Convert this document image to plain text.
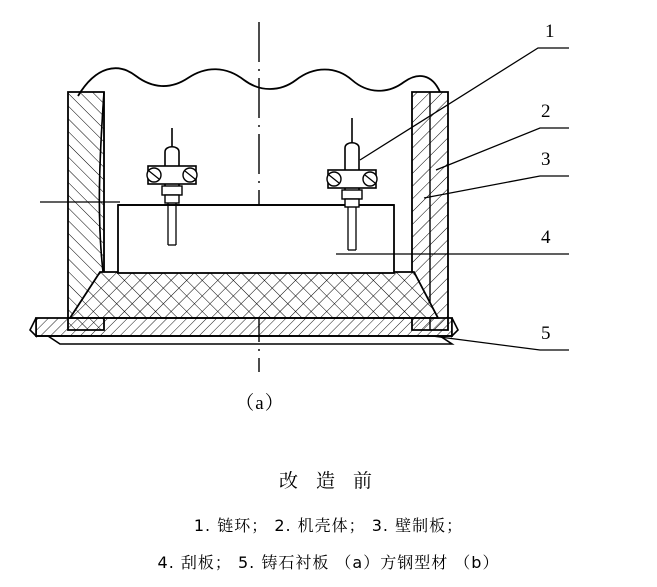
1
2
3
4
5
（a）
改 造 前
1. 链环； 2. 机壳体； 3. 壁制板；
4. 刮板； 5. 铸石衬板 （a）方钢型材 （b）
